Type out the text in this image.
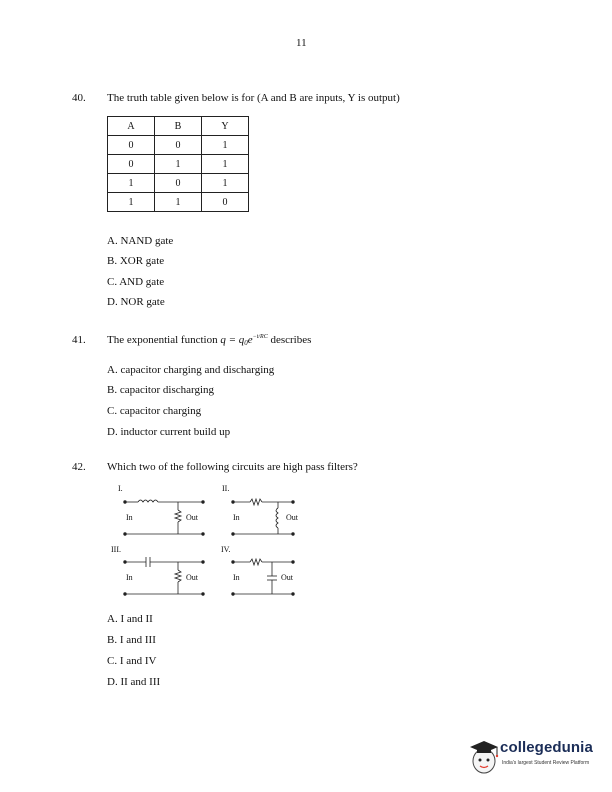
11
40. The truth table given below is for (A and B are inputs, Y is output)
A	B	Y
0	0	1
0	1	1
1	0	1
1	1	0
A. NAND gate
B. XOR gate
C. AND gate
D. NOR gate
41. The exponential function $q = q_0e^{-t/RC}$ describes
A. capacitor charging and discharging
B. capacitor discharging
C. capacitor charging
D. inductor current build up
42. Which two of the following circuits are high pass filters?
I.
In	Out
II.
In	Out
III.
In	Out
IV.
In	Out
A. I and II
B. I and III
C. I and IV
D. II and III
collegedunia
India's largest Student Review Platform
